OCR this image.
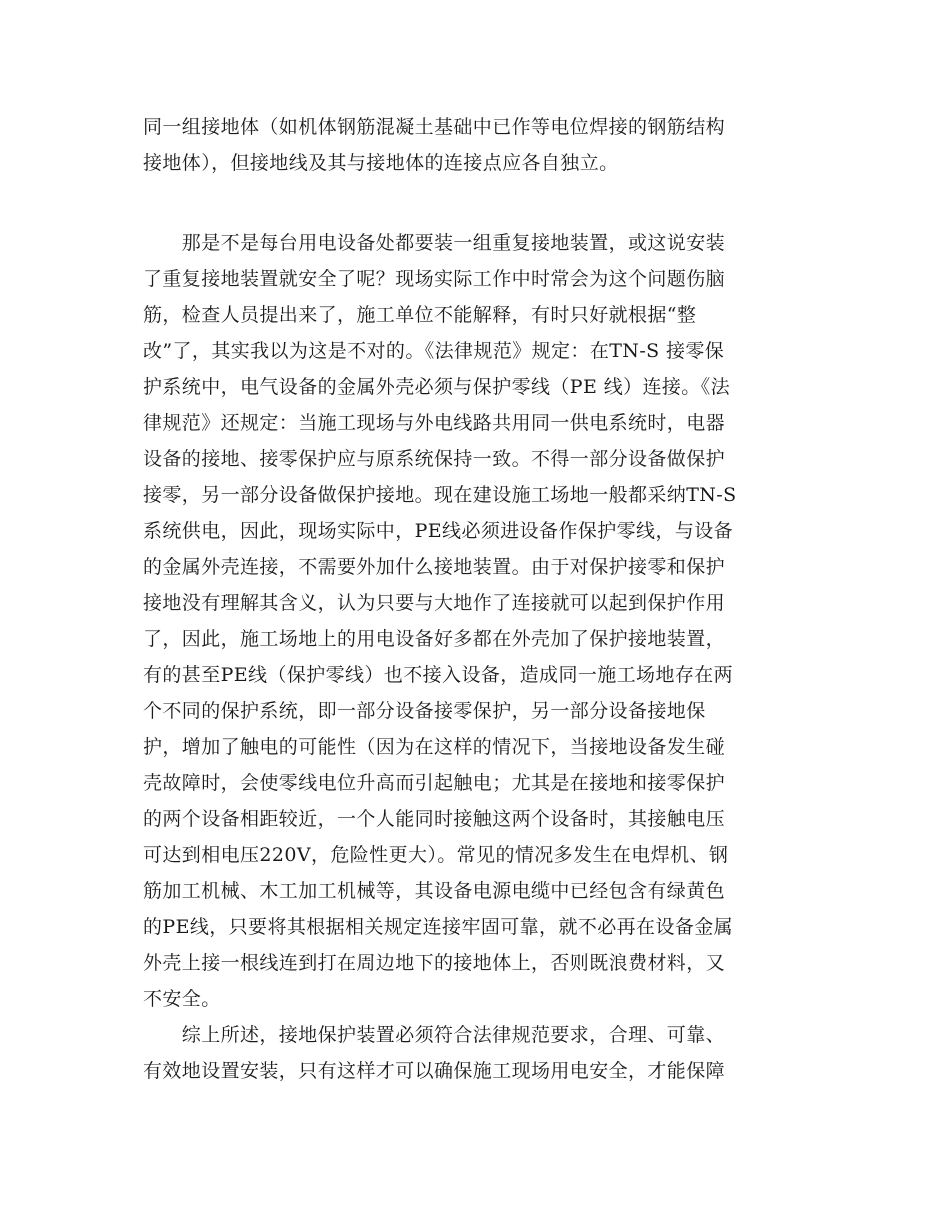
同一组接地体（如机体钢筋混凝土基础中已作等电位焊接的钢筋结构
接地体），但接地线及其与接地体的连接点应各自独立。
　　那是不是每台用电设备处都要装一组重复接地装置，或这说安装
了重复接地装置就安全了呢？现场实际工作中时常会为这个问题伤脑
筋，检查人员提出来了，施工单位不能解释，有时只好就根据“整
改”了，其实我以为这是不对的。《法律规范》规定：在TN-S 接零保
护系统中，电气设备的金属外壳必须与保护零线（PE 线）连接。《法
律规范》还规定：当施工现场与外电线路共用同一供电系统时，电器
设备的接地、接零保护应与原系统保持一致。不得一部分设备做保护
接零，另一部分设备做保护接地。现在建设施工场地一般都采纳TN-S
系统供电，因此，现场实际中，PE线必须进设备作保护零线，与设备
的金属外壳连接，不需要外加什么接地装置。由于对保护接零和保护
接地没有理解其含义，认为只要与大地作了连接就可以起到保护作用
了，因此，施工场地上的用电设备好多都在外壳加了保护接地装置，
有的甚至PE线（保护零线）也不接入设备，造成同一施工场地存在两
个不同的保护系统，即一部分设备接零保护，另一部分设备接地保
护，增加了触电的可能性（因为在这样的情况下，当接地设备发生碰
壳故障时，会使零线电位升高而引起触电；尤其是在接地和接零保护
的两个设备相距较近，一个人能同时接触这两个设备时，其接触电压
可达到相电压220V，危险性更大）。常见的情况多发生在电焊机、钢
筋加工机械、木工加工机械等，其设备电源电缆中已经包含有绿黄色
的PE线，只要将其根据相关规定连接牢固可靠，就不必再在设备金属
外壳上接一根线连到打在周边地下的接地体上，否则既浪费材料，又
不安全。
　　综上所述，接地保护装置必须符合法律规范要求，合理、可靠、
有效地设置安装，只有这样才可以确保施工现场用电安全，才能保障
